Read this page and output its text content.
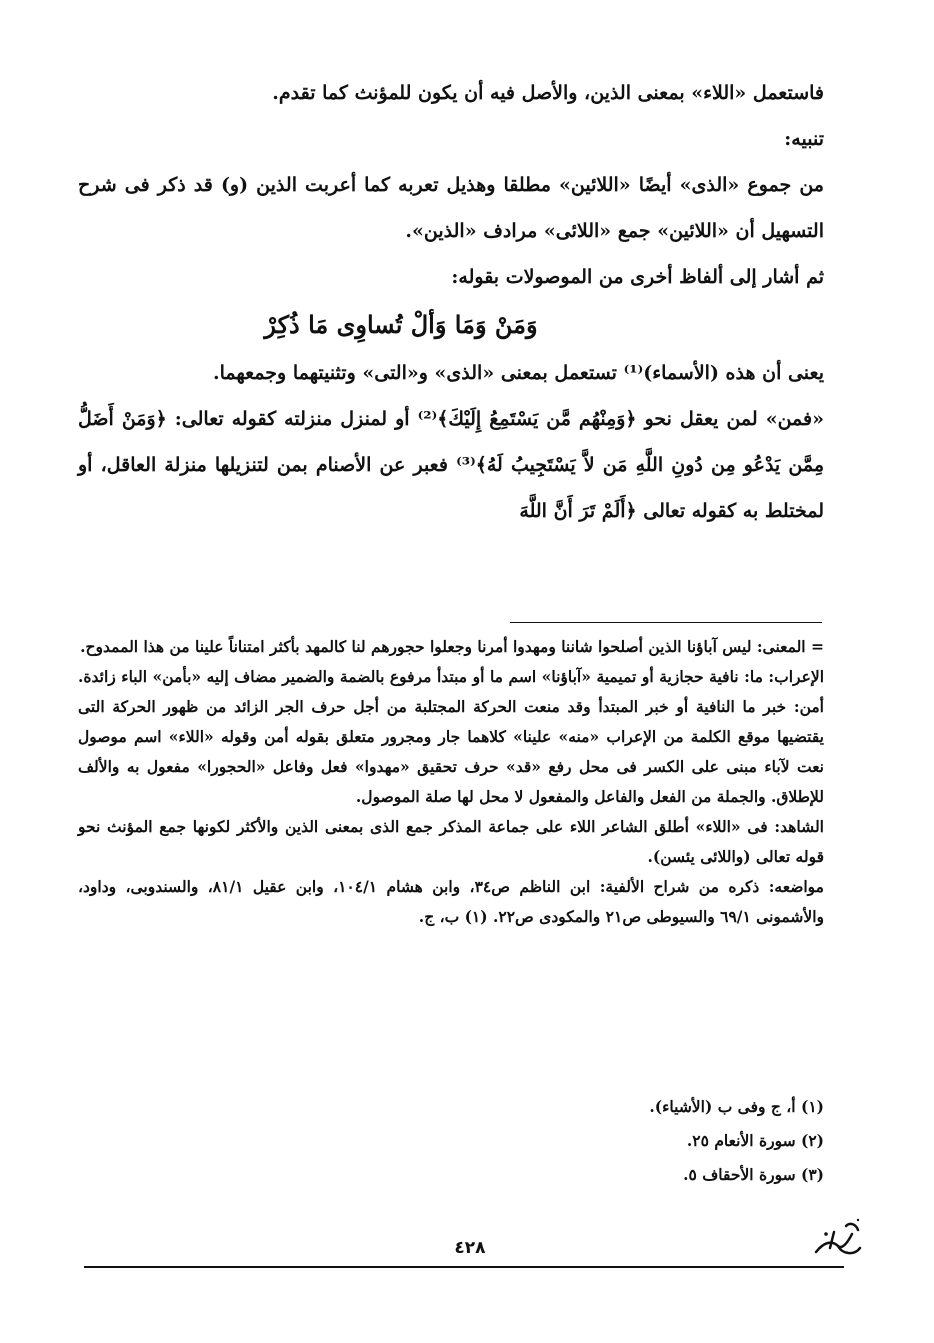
فاستعمل «اللاء» بمعنى الذين، والأصل فيه أن يكون للمؤنث كما تقدم.

تنبيه:

من جموع «الذى» أيضًا «اللائين» مطلقا وهذيل تعربه كما أعربت الذين (و) قد ذكر فى شرح التسهيل أن «اللائين» جمع «اللائى» مرادف «الذين».

ثم أشار إلى ألفاظ أخرى من الموصولات بقوله:

وَمَنْ وَمَا وَألْ تُساوِى مَا ذُكِرْ

يعنى أن هذه (الأسماء)⁽¹⁾ تستعمل بمعنى «الذى» و«التى» وتثنيتهما وجمعهما.

«فمن» لمن يعقل نحو ﴿وَمِنْهُم مَّن يَسْتَمِعُ إِلَيْكَ﴾⁽²⁾ أو لمنزل منزلته كقوله تعالى: ﴿وَمَنْ أَضَلُّ مِمَّن يَدْعُو مِن دُونِ اللَّهِ مَن لاَّ يَسْتَجِيبُ لَهُ﴾⁽³⁾ فعبر عن الأصنام بمن لتنزيلها منزلة العاقل، أو لمختلط به كقوله تعالى ﴿أَلَمْ تَرَ أَنَّ اللَّهَ

= المعنى: ليس آباؤنا الذين أصلحوا شاننا ومهدوا أمرنا وجعلوا حجورهم لنا كالمهد بأكثر امتناناً علينا من هذا الممدوح.

الإعراب: ما: نافية حجازية أو تميمية «آباؤنا» اسم ما أو مبتدأ مرفوع بالضمة والضمير مضاف إليه «بأمن» الباء زائدة. أمن: خبر ما النافية أو خبر المبتدأ وقد منعت الحركة المجتلبة من أجل حرف الجر الزائد من ظهور الحركة التى يقتضيها موقع الكلمة من الإعراب «منه» علينا» كلاهما جار ومجرور متعلق بقوله أمن وقوله «اللاء» اسم موصول نعت لآباء مبنى على الكسر فى محل رفع «قد» حرف تحقيق «مهدوا» فعل وفاعل «الحجورا» مفعول به والألف للإطلاق. والجملة من الفعل والفاعل والمفعول لا محل لها صلة الموصول.

الشاهد: فى «اللاء» أطلق الشاعر اللاء على جماعة المذكر جمع الذى بمعنى الذين والأكثر لكونها جمع المؤنث نحو قوله تعالى (واللائى يئسن).

مواضعه: ذكره من شراح الألفية: ابن الناظم ص٣٤، وابن هشام ١٠٤/١، وابن عقيل ٨١/١، والسندوبى، وداود، والأشمونى ٦٩/١ والسيوطى ص٢١ والمكودى ص٢٢. (١) ب، ج.

(١) أ، ج وفى ب (الأشياء).
(٢) سورة الأنعام ٢٥.
(٣) سورة الأحقاف ٥.
٤٢٨
